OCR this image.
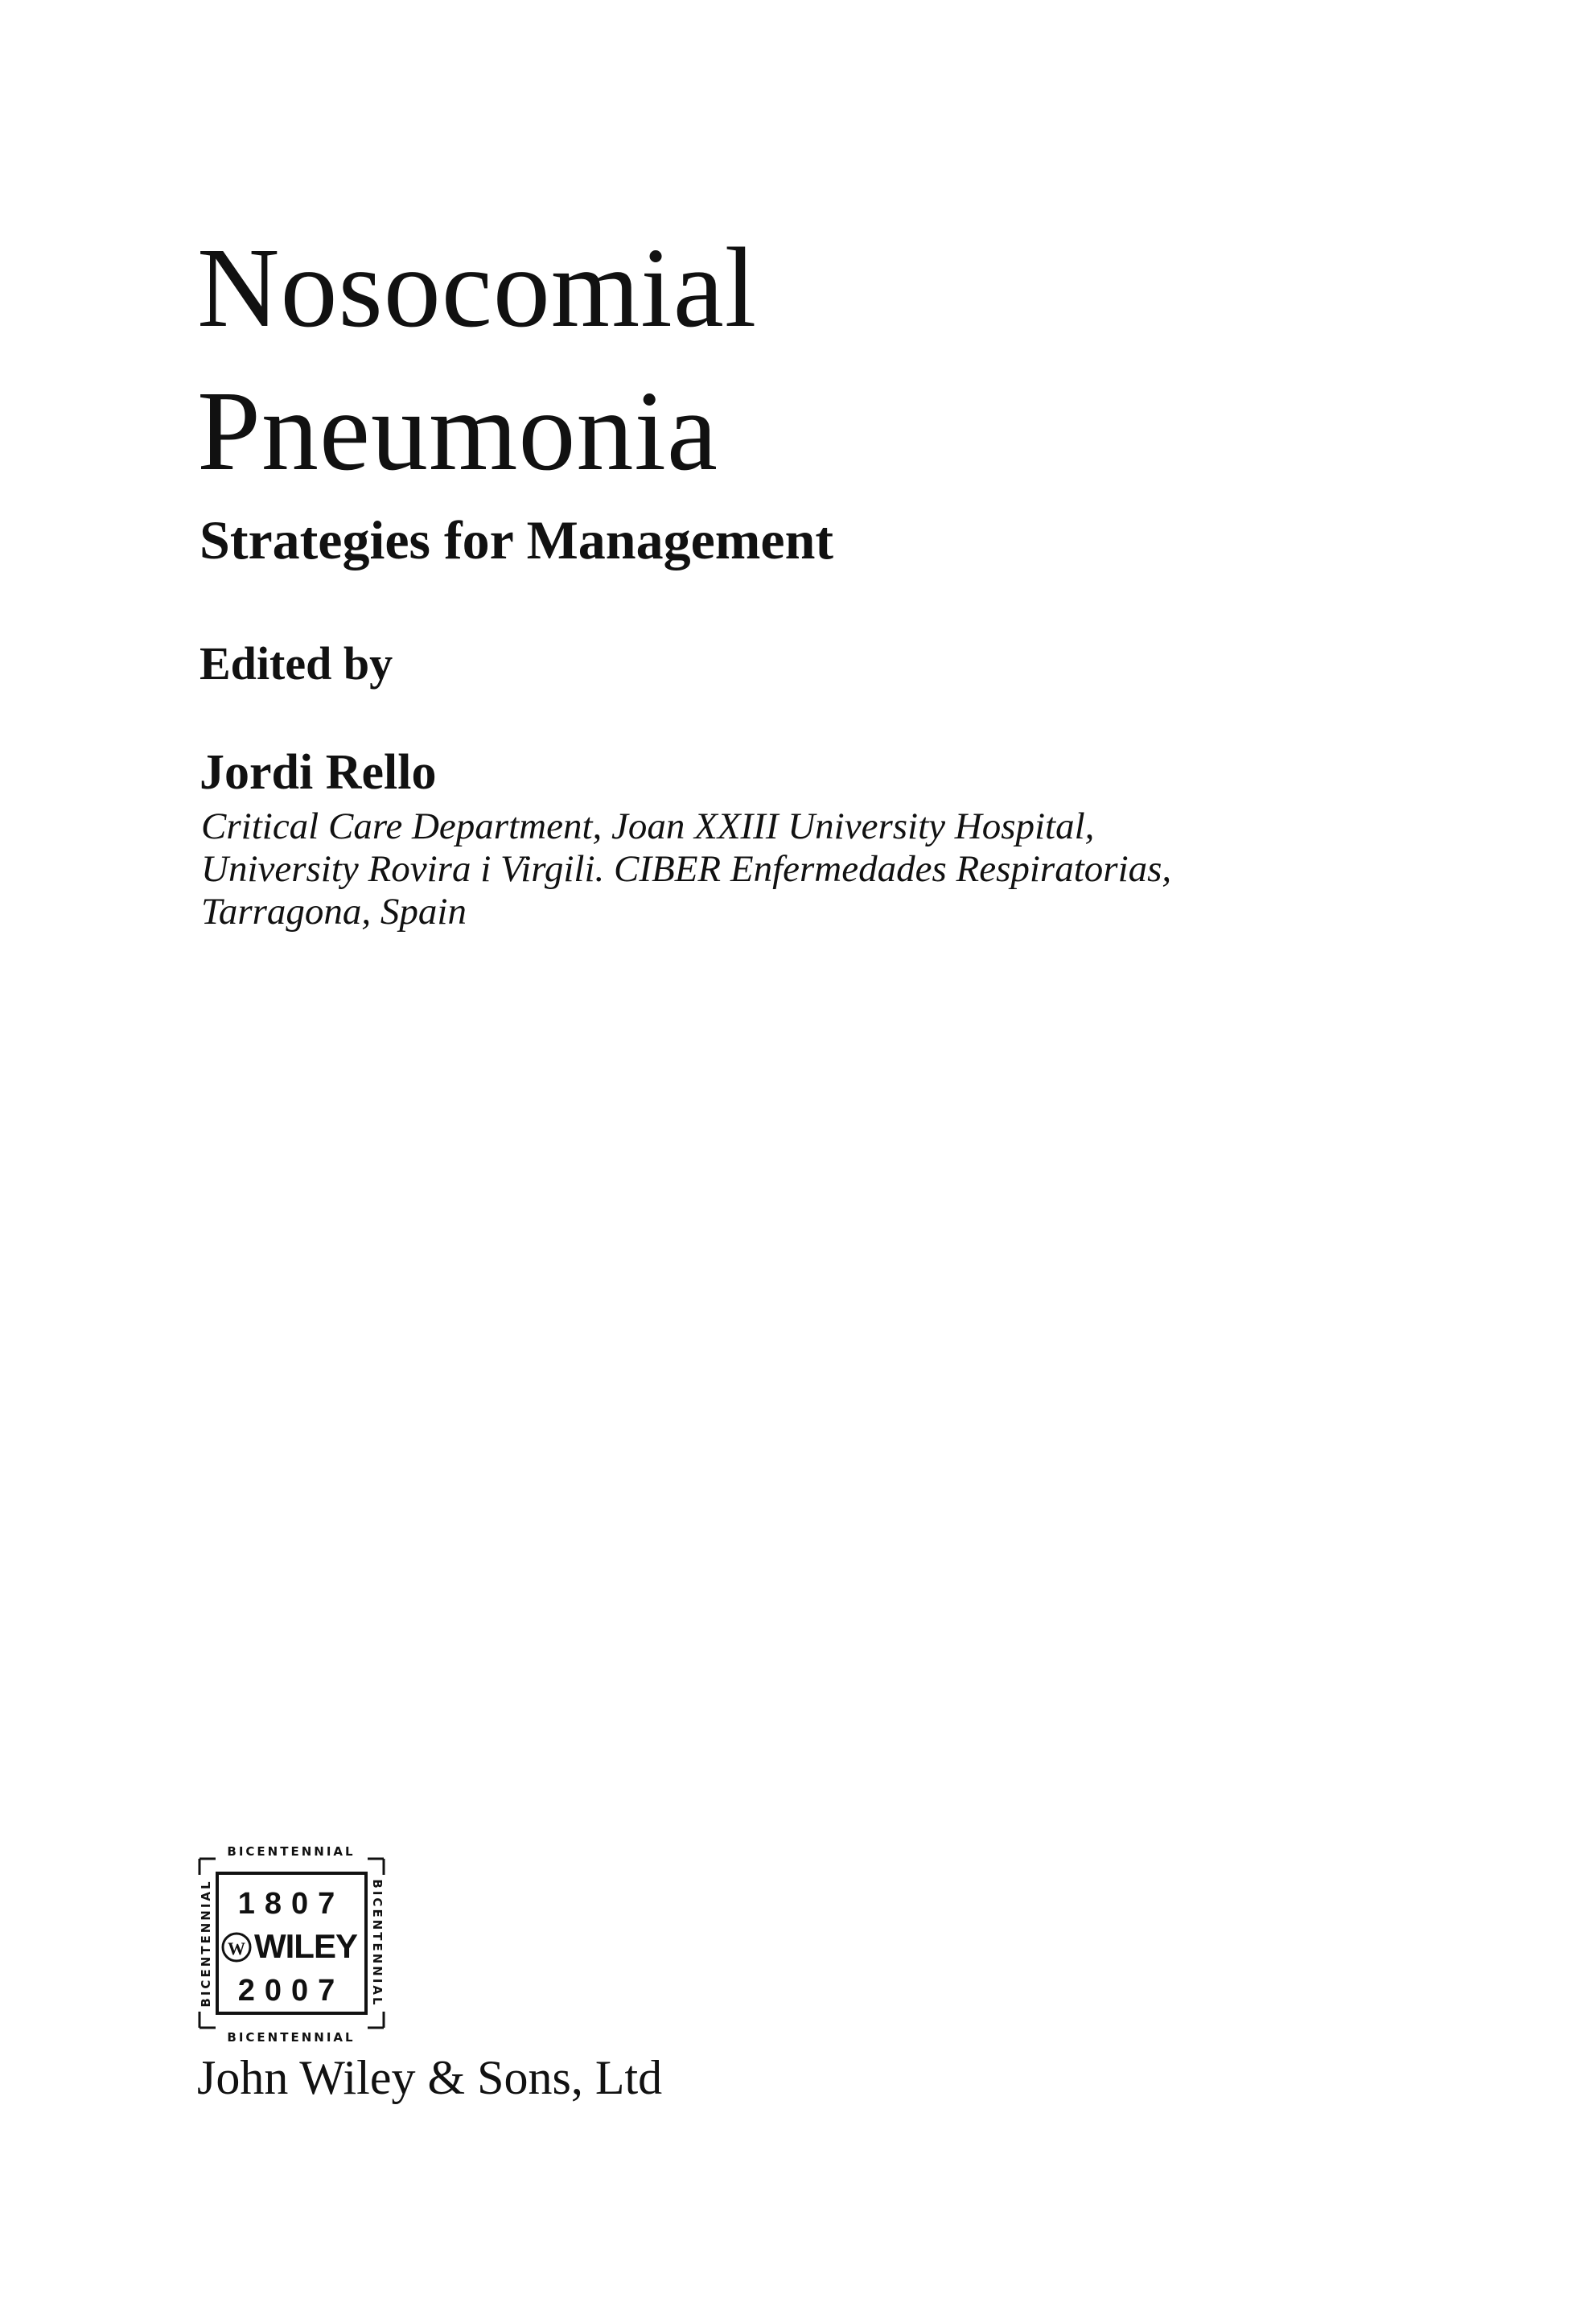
Nosocomial
Pneumonia
Strategies for Management
Edited by
Jordi Rello
Critical Care Department, Joan XXIII University Hospital,
University Rovira i Virgili. CIBER Enfermedades Respiratorias,
Tarragona, Spain
BICENTENNIAL
BICENTENNIAL
BICENTENNIAL	BICENTENNIAL
1807
W WILEY
2007
John Wiley & Sons, Ltd
